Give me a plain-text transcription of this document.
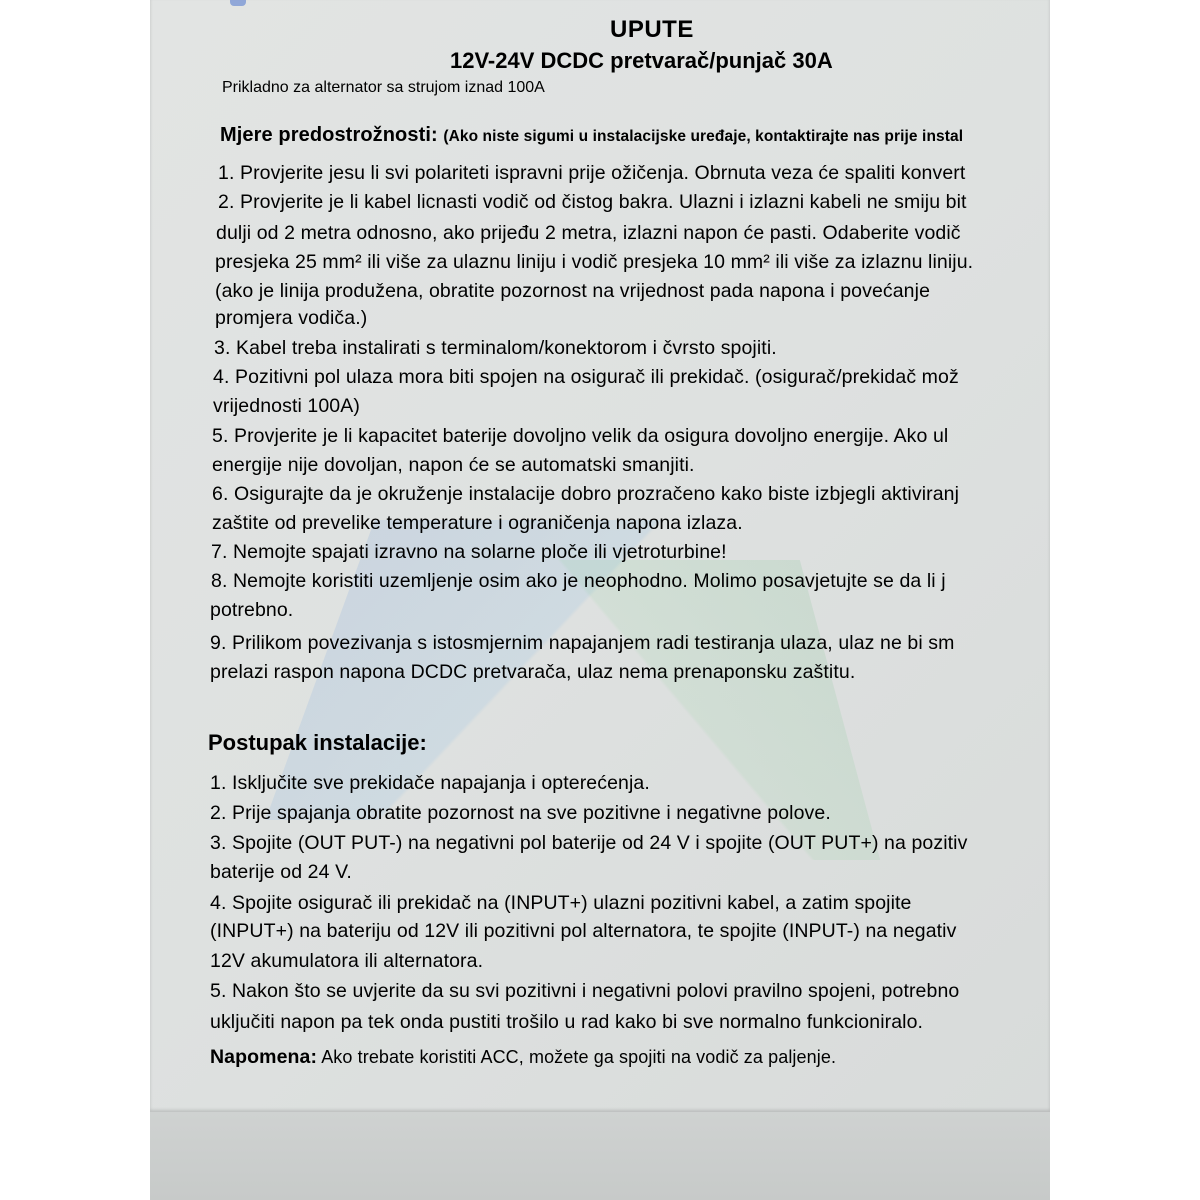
UPUTE
12V-24V DCDC pretvarač/punjač 30A
Prikladno za alternator sa strujom iznad 100A
Mjere predostrožnosti: (Ako niste sigumi u instalacijske uređaje, kontaktirajte nas prije instal
1. Provjerite jesu li svi polariteti ispravni prije ožičenja. Obrnuta veza će spaliti konvert
2. Provjerite je li kabel licnasti vodič od čistog bakra. Ulazni i izlazni kabeli ne smiju bit
dulji od 2 metra odnosno, ako prijeđu 2 metra, izlazni napon će pasti. Odaberite vodič
presjeka 25 mm² ili više za ulaznu liniju i vodič presjeka 10 mm² ili više za izlaznu liniju.
(ako je linija produžena, obratite pozornost na vrijednost pada napona i povećanje
promjera vodiča.)
3. Kabel treba instalirati s terminalom/konektorom i čvrsto spojiti.
4. Pozitivni pol ulaza mora biti spojen na osigurač ili prekidač. (osigurač/prekidač mož
vrijednosti 100A)
5. Provjerite je li kapacitet baterije dovoljno velik da osigura dovoljno energije. Ako ul
energije nije dovoljan, napon će se automatski smanjiti.
6. Osigurajte da je okruženje instalacije dobro prozračeno kako biste izbjegli aktiviranj
zaštite od prevelike temperature i ograničenja napona izlaza.
7. Nemojte spajati izravno na solarne ploče ili vjetroturbine!
8. Nemojte koristiti uzemljenje osim ako je neophodno. Molimo posavjetujte se da li j
potrebno.
9. Prilikom povezivanja s istosmjernim napajanjem radi testiranja ulaza, ulaz ne bi sm
prelazi raspon napona DCDC pretvarača, ulaz nema prenaponsku zaštitu.
Postupak instalacije:
1. Isključite sve prekidače napajanja i opterećenja.
2. Prije spajanja obratite pozornost na sve pozitivne i negativne polove.
3. Spojite (OUT PUT-) na negativni pol baterije od 24 V i spojite (OUT PUT+) na pozitiv
baterije od 24 V.
4. Spojite osigurač ili prekidač na (INPUT+) ulazni pozitivni kabel, a zatim spojite
(INPUT+) na bateriju od 12V ili pozitivni pol alternatora, te spojite (INPUT-) na negativ
12V akumulatora ili alternatora.
5. Nakon što se uvjerite da su svi pozitivni i negativni polovi pravilno spojeni, potrebno
uključiti napon pa tek onda pustiti trošilo u rad kako bi sve normalno funkcioniralo.
Napomena: Ako trebate koristiti ACC, možete ga spojiti na vodič za paljenje.
